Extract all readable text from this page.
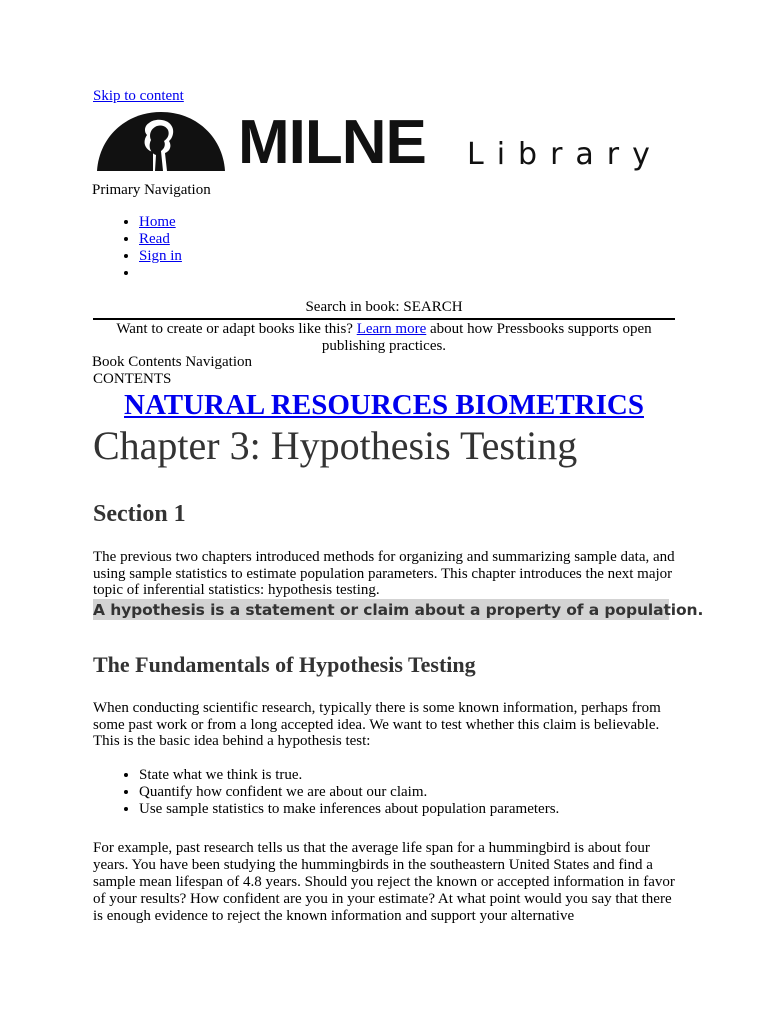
Skip to content
MILNE Library
Primary Navigation
• Home
• Read
• Sign in
•
Search in book: SEARCH
Want to create or adapt books like this? Learn more about how Pressbooks supports open publishing practices.
Book Contents Navigation
CONTENTS
NATURAL RESOURCES BIOMETRICS
Chapter 3: Hypothesis Testing
Section 1

The previous two chapters introduced methods for organizing and summarizing sample data, and using sample statistics to estimate population parameters. This chapter introduces the next major topic of inferential statistics: hypothesis testing.

A hypothesis is a statement or claim about a property of a population.
The Fundamentals of Hypothesis Testing

When conducting scientific research, typically there is some known information, perhaps from some past work or from a long accepted idea. We want to test whether this claim is believable. This is the basic idea behind a hypothesis test:

• State what we think is true.
• Quantify how confident we are about our claim.
• Use sample statistics to make inferences about population parameters.

For example, past research tells us that the average life span for a hummingbird is about four years. You have been studying the hummingbirds in the southeastern United States and find a sample mean lifespan of 4.8 years. Should you reject the known or accepted information in favor of your results? How confident are you in your estimate? At what point would you say that there is enough evidence to reject the known information and support your alternative
